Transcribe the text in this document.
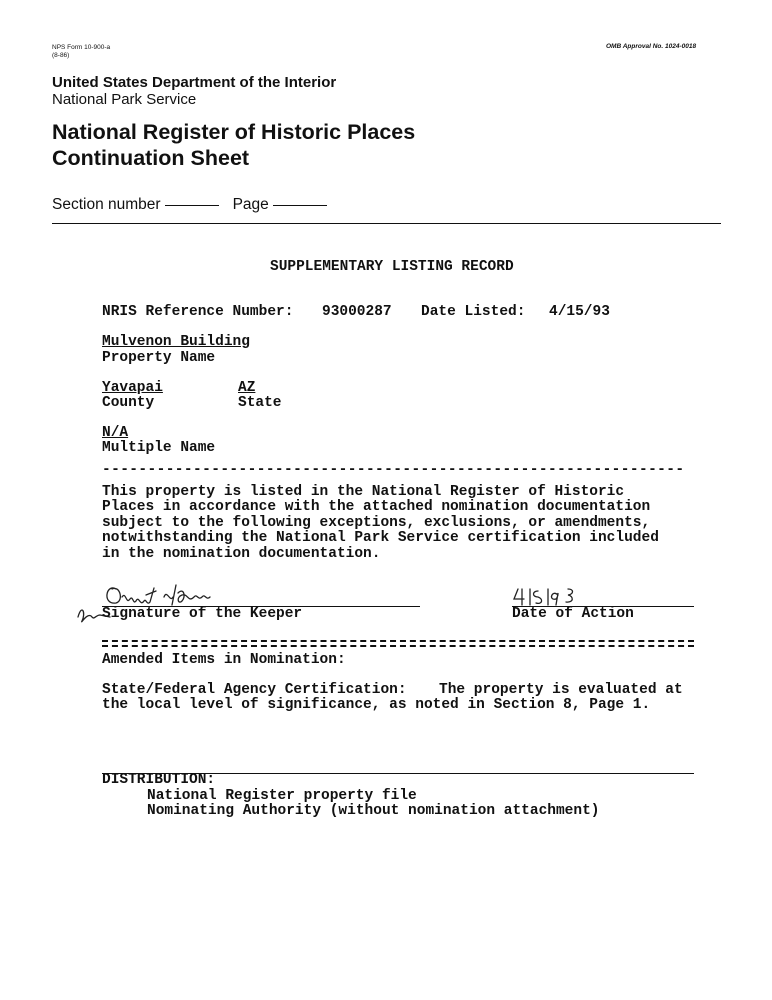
NPS Form 10-900-a
(8-86)
OMB Approval No. 1024-0018
United States Department of the Interior
National Park Service
National Register of Historic Places
Continuation Sheet
Section number	Page
SUPPLEMENTARY LISTING RECORD
NRIS Reference Number: 93000287 Date Listed: 4/15/93
Mulvenon Building
Property Name
Yavapai	AZ
County	State
N/A
Multiple Name
----------------------------------------------------------------
This property is listed in the National Register of Historic
Places in accordance with the attached nomination documentation
subject to the following exceptions, exclusions, or amendments,
notwithstanding the National Park Service certification included
in the nomination documentation.
Signature of the Keeper	Date of Action
Amended Items in Nomination:
State/Federal Agency Certification: The property is evaluated at
the local level of significance, as noted in Section 8, Page 1.
DISTRIBUTION:
National Register property file
Nominating Authority (without nomination attachment)
